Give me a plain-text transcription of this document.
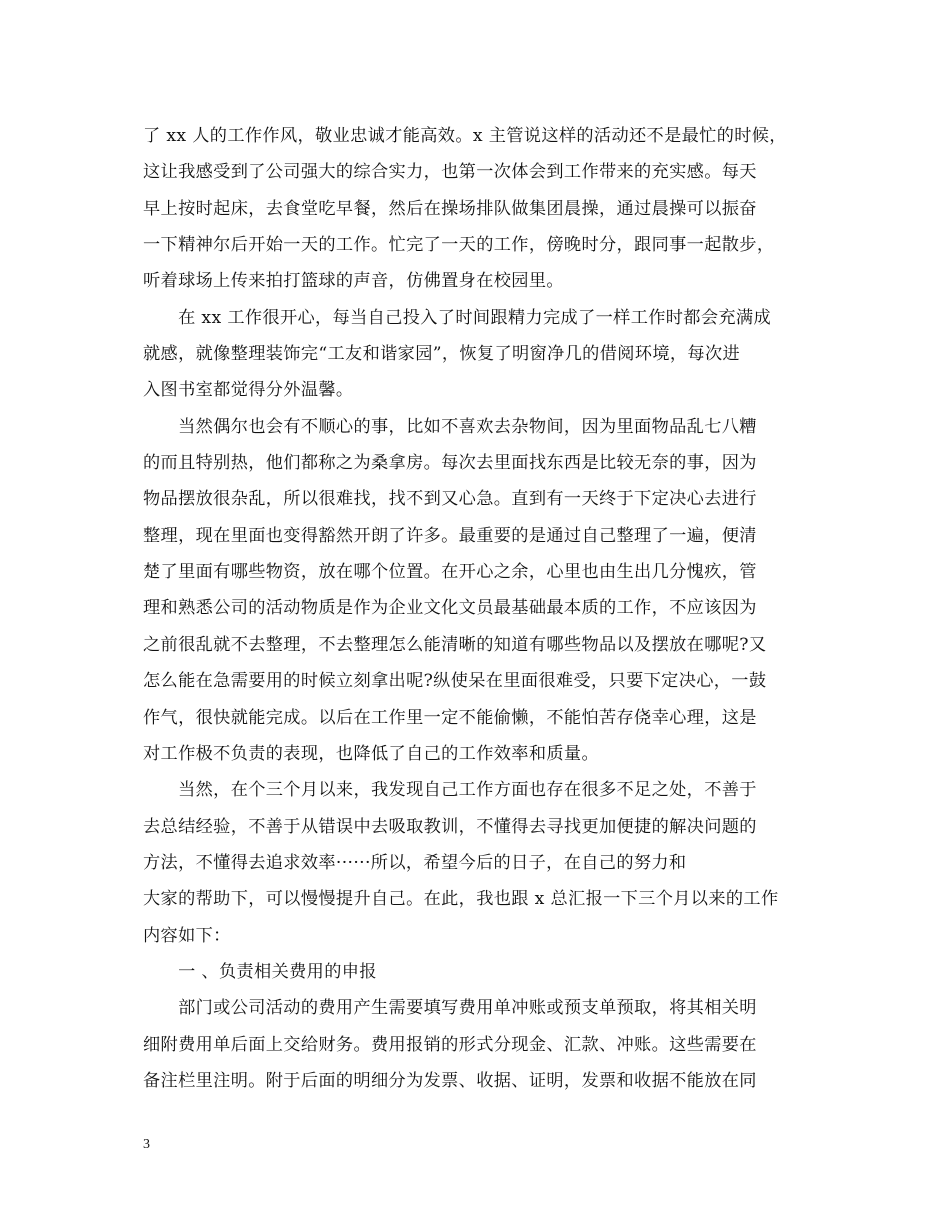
了 xx 人的工作作风，敬业忠诚才能高效。x 主管说这样的活动还不是最忙的时候，
这让我感受到了公司强大的综合实力，也第一次体会到工作带来的充实感。每天
早上按时起床，去食堂吃早餐，然后在操场排队做集团晨操，通过晨操可以振奋
一下精神尔后开始一天的工作。忙完了一天的工作，傍晚时分，跟同事一起散步，
听着球场上传来拍打篮球的声音，仿佛置身在校园里。
　　在 xx 工作很开心，每当自己投入了时间跟精力完成了一样工作时都会充满成
就感，就像整理装饰完“工友和谐家园”，恢复了明窗净几的借阅环境，每次进
入图书室都觉得分外温馨。
　　当然偶尔也会有不顺心的事，比如不喜欢去杂物间，因为里面物品乱七八糟
的而且特别热，他们都称之为桑拿房。每次去里面找东西是比较无奈的事，因为
物品摆放很杂乱，所以很难找，找不到又心急。直到有一天终于下定决心去进行
整理，现在里面也变得豁然开朗了许多。最重要的是通过自己整理了一遍，便清
楚了里面有哪些物资，放在哪个位置。在开心之余，心里也由生出几分愧疚，管
理和熟悉公司的活动物质是作为企业文化文员最基础最本质的工作，不应该因为
之前很乱就不去整理，不去整理怎么能清晰的知道有哪些物品以及摆放在哪呢?又
怎么能在急需要用的时候立刻拿出呢?纵使呆在里面很难受，只要下定决心，一鼓
作气，很快就能完成。以后在工作里一定不能偷懒，不能怕苦存侥幸心理，这是
对工作极不负责的表现，也降低了自己的工作效率和质量。
　　当然，在个三个月以来，我发现自己工作方面也存在很多不足之处，不善于
去总结经验，不善于从错误中去吸取教训，不懂得去寻找更加便捷的解决问题的
方法，不懂得去追求效率······所以，希望今后的日子，在自己的努力和
大家的帮助下，可以慢慢提升自己。在此，我也跟 x 总汇报一下三个月以来的工作
内容如下：
　　一 、负责相关费用的申报
　　部门或公司活动的费用产生需要填写费用单冲账或预支单预取，将其相关明
细附费用单后面上交给财务。费用报销的形式分现金、汇款、冲账。这些需要在
备注栏里注明。附于后面的明细分为发票、收据、证明，发票和收据不能放在同
3
